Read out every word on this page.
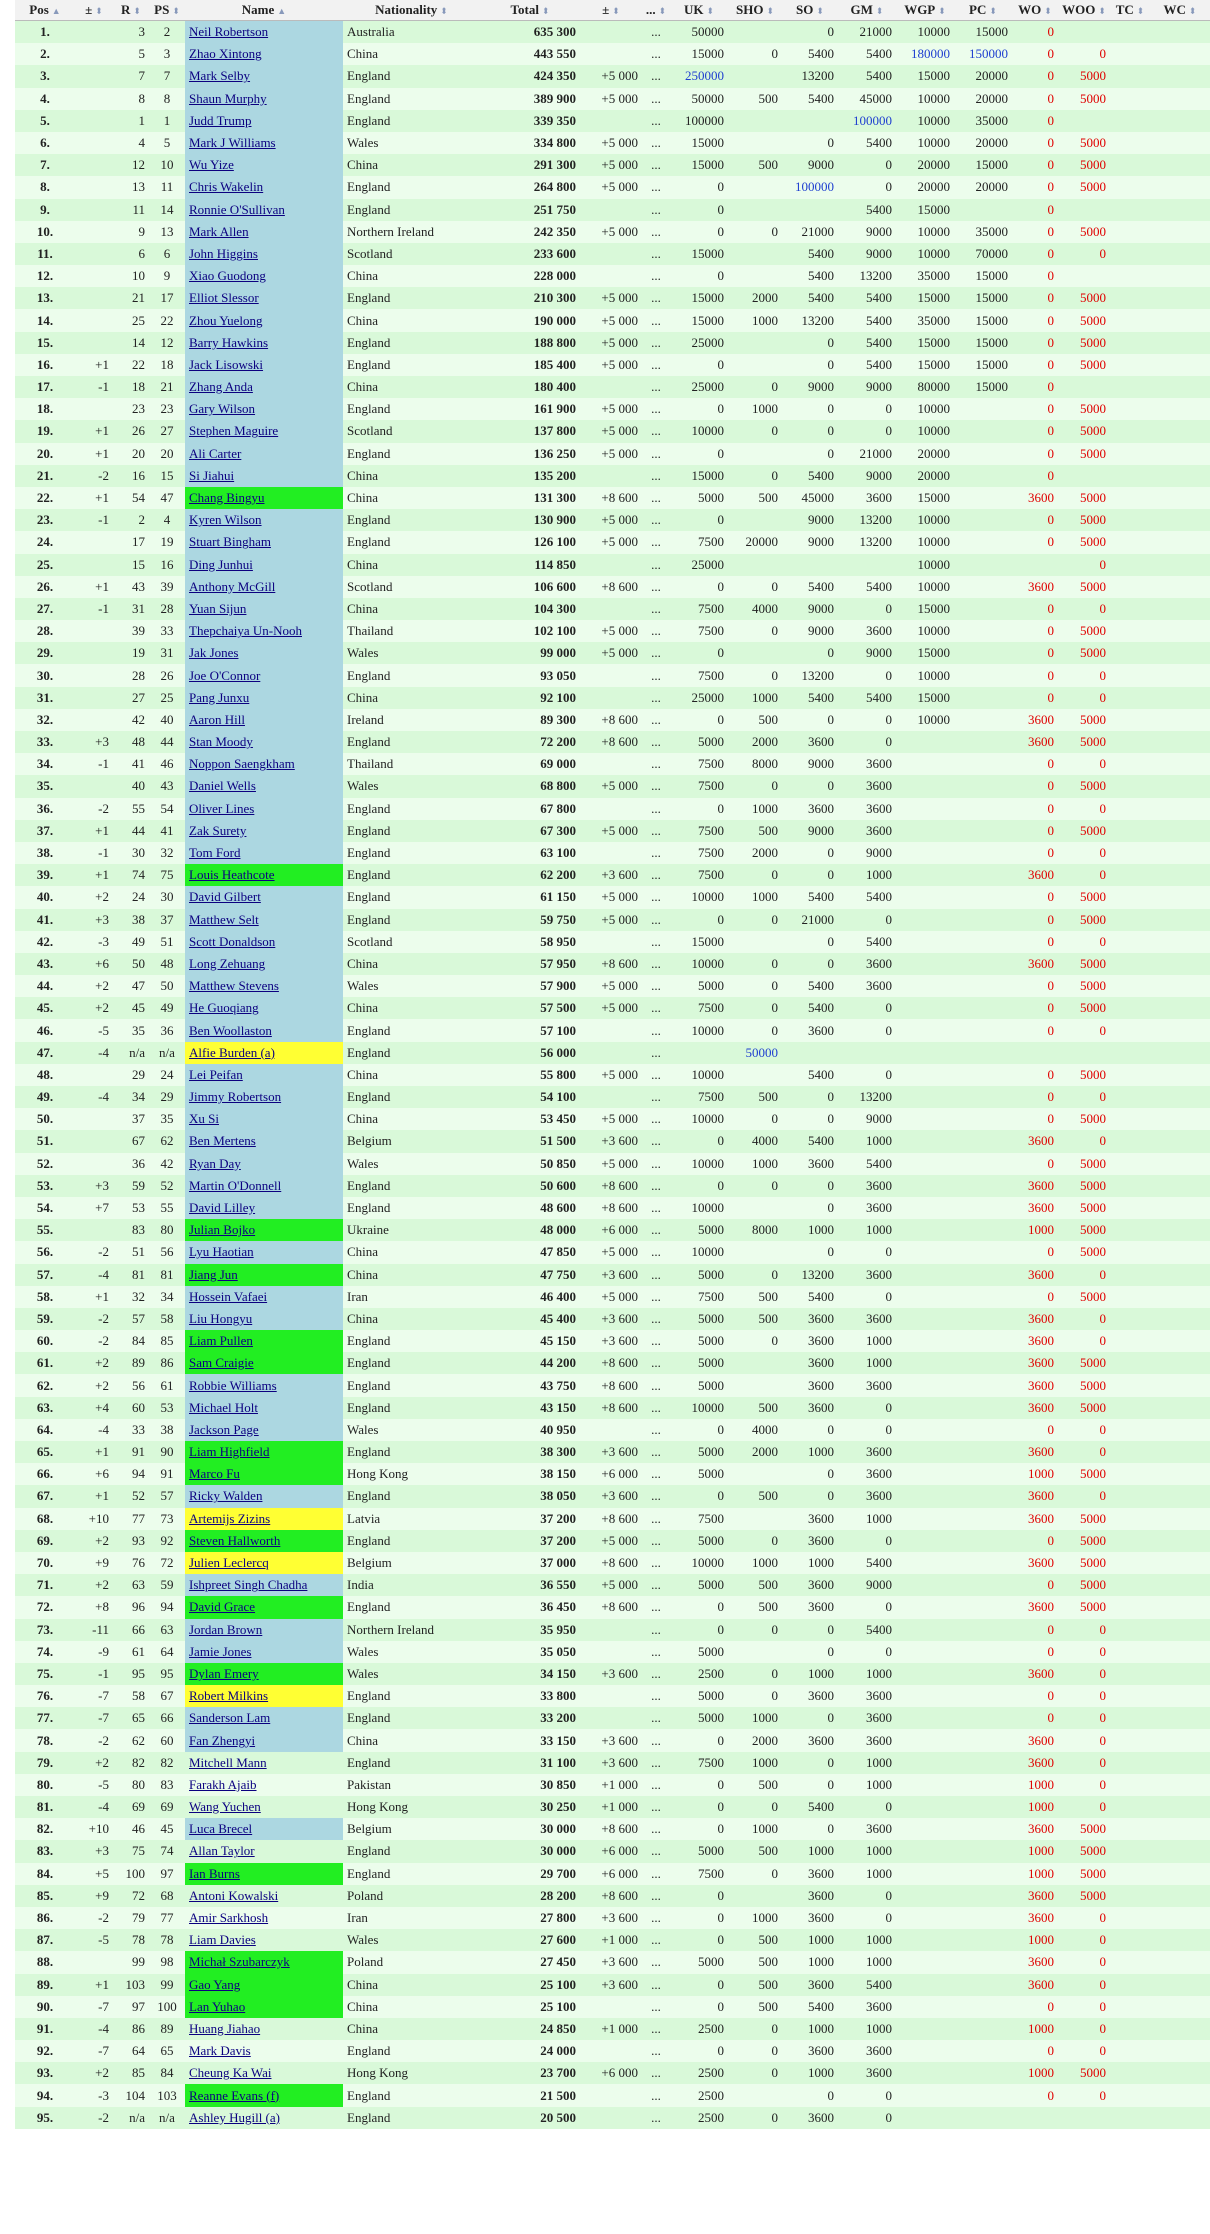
Pos ▲	± ⬍	R ⬍	PS ⬍	Name ▲	Nationality ⬍	Total ⬍	± ⬍	... ⬍	UK ⬍	SHO ⬍	SO ⬍	GM ⬍	WGP ⬍	PC ⬍	WO ⬍	WOO ⬍	TC ⬍	WC ⬍
1.		3	2	Neil Robertson	Australia	635 300		...	50000		0	21000	10000	15000	0			
2.		5	3	Zhao Xintong	China	443 550		...	15000	0	5400	5400	180000	150000	0	0		
3.		7	7	Mark Selby	England	424 350	+5 000	...	250000		13200	5400	15000	20000	0	5000		
4.		8	8	Shaun Murphy	England	389 900	+5 000	...	50000	500	5400	45000	10000	20000	0	5000		
5.		1	1	Judd Trump	England	339 350		...	100000			100000	10000	35000	0			
6.		4	5	Mark J Williams	Wales	334 800	+5 000	...	15000		0	5400	10000	20000	0	5000		
7.		12	10	Wu Yize	China	291 300	+5 000	...	15000	500	9000	0	20000	15000	0	5000		
8.		13	11	Chris Wakelin	England	264 800	+5 000	...	0		100000	0	20000	20000	0	5000		
9.		11	14	Ronnie O'Sullivan	England	251 750		...	0			5400	15000		0			
10.		9	13	Mark Allen	Northern Ireland	242 350	+5 000	...	0	0	21000	9000	10000	35000	0	5000		
11.		6	6	John Higgins	Scotland	233 600		...	15000		5400	9000	10000	70000	0	0		
12.		10	9	Xiao Guodong	China	228 000		...	0		5400	13200	35000	15000	0			
13.		21	17	Elliot Slessor	England	210 300	+5 000	...	15000	2000	5400	5400	15000	15000	0	5000		
14.		25	22	Zhou Yuelong	China	190 000	+5 000	...	15000	1000	13200	5400	35000	15000	0	5000		
15.		14	12	Barry Hawkins	England	188 800	+5 000	...	25000		0	5400	15000	15000	0	5000		
16.	+1	22	18	Jack Lisowski	England	185 400	+5 000	...	0		0	5400	15000	15000	0	5000		
17.	-1	18	21	Zhang Anda	China	180 400		...	25000	0	9000	9000	80000	15000	0			
18.		23	23	Gary Wilson	England	161 900	+5 000	...	0	1000	0	0	10000		0	5000		
19.	+1	26	27	Stephen Maguire	Scotland	137 800	+5 000	...	10000	0	0	0	10000		0	5000		
20.	+1	20	20	Ali Carter	England	136 250	+5 000	...	0		0	21000	20000		0	5000		
21.	-2	16	15	Si Jiahui	China	135 200		...	15000	0	5400	9000	20000		0			
22.	+1	54	47	Chang Bingyu	China	131 300	+8 600	...	5000	500	45000	3600	15000		3600	5000		
23.	-1	2	4	Kyren Wilson	England	130 900	+5 000	...	0		9000	13200	10000		0	5000		
24.		17	19	Stuart Bingham	England	126 100	+5 000	...	7500	20000	9000	13200	10000		0	5000		
25.		15	16	Ding Junhui	China	114 850		...	25000				10000			0		
26.	+1	43	39	Anthony McGill	Scotland	106 600	+8 600	...	0	0	5400	5400	10000		3600	5000		
27.	-1	31	28	Yuan Sijun	China	104 300		...	7500	4000	9000	0	15000		0	0		
28.		39	33	Thepchaiya Un-Nooh	Thailand	102 100	+5 000	...	7500	0	9000	3600	10000		0	5000		
29.		19	31	Jak Jones	Wales	99 000	+5 000	...	0		0	9000	15000		0	5000		
30.		28	26	Joe O'Connor	England	93 050		...	7500	0	13200	0	10000		0	0		
31.		27	25	Pang Junxu	China	92 100		...	25000	1000	5400	5400	15000		0	0		
32.		42	40	Aaron Hill	Ireland	89 300	+8 600	...	0	500	0	0	10000		3600	5000		
33.	+3	48	44	Stan Moody	England	72 200	+8 600	...	5000	2000	3600	0			3600	5000		
34.	-1	41	46	Noppon Saengkham	Thailand	69 000		...	7500	8000	9000	3600			0	0		
35.		40	43	Daniel Wells	Wales	68 800	+5 000	...	7500	0	0	3600			0	5000		
36.	-2	55	54	Oliver Lines	England	67 800		...	0	1000	3600	3600			0	0		
37.	+1	44	41	Zak Surety	England	67 300	+5 000	...	7500	500	9000	3600			0	5000		
38.	-1	30	32	Tom Ford	England	63 100		...	7500	2000	0	9000			0	0		
39.	+1	74	75	Louis Heathcote	England	62 200	+3 600	...	7500	0	0	1000			3600	0		
40.	+2	24	30	David Gilbert	England	61 150	+5 000	...	10000	1000	5400	5400			0	5000		
41.	+3	38	37	Matthew Selt	England	59 750	+5 000	...	0	0	21000	0			0	5000		
42.	-3	49	51	Scott Donaldson	Scotland	58 950		...	15000		0	5400			0	0		
43.	+6	50	48	Long Zehuang	China	57 950	+8 600	...	10000	0	0	3600			3600	5000		
44.	+2	47	50	Matthew Stevens	Wales	57 900	+5 000	...	5000	0	5400	3600			0	5000		
45.	+2	45	49	He Guoqiang	China	57 500	+5 000	...	7500	0	5400	0			0	5000		
46.	-5	35	36	Ben Woollaston	England	57 100		...	10000	0	3600	0			0	0		
47.	-4	n/a	n/a	Alfie Burden (a)	England	56 000		...		50000								
48.		29	24	Lei Peifan	China	55 800	+5 000	...	10000		5400	0			0	5000		
49.	-4	34	29	Jimmy Robertson	England	54 100		...	7500	500	0	13200			0	0		
50.		37	35	Xu Si	China	53 450	+5 000	...	10000	0	0	9000			0	5000		
51.		67	62	Ben Mertens	Belgium	51 500	+3 600	...	0	4000	5400	1000			3600	0		
52.		36	42	Ryan Day	Wales	50 850	+5 000	...	10000	1000	3600	5400			0	5000		
53.	+3	59	52	Martin O'Donnell	England	50 600	+8 600	...	0	0	0	3600			3600	5000		
54.	+7	53	55	David Lilley	England	48 600	+8 600	...	10000		0	3600			3600	5000		
55.		83	80	Julian Bojko	Ukraine	48 000	+6 000	...	5000	8000	1000	1000			1000	5000		
56.	-2	51	56	Lyu Haotian	China	47 850	+5 000	...	10000		0	0			0	5000		
57.	-4	81	81	Jiang Jun	China	47 750	+3 600	...	5000	0	13200	3600			3600	0		
58.	+1	32	34	Hossein Vafaei	Iran	46 400	+5 000	...	7500	500	5400	0			0	5000		
59.	-2	57	58	Liu Hongyu	China	45 400	+3 600	...	5000	500	3600	3600			3600	0		
60.	-2	84	85	Liam Pullen	England	45 150	+3 600	...	5000	0	3600	1000			3600	0		
61.	+2	89	86	Sam Craigie	England	44 200	+8 600	...	5000		3600	1000			3600	5000		
62.	+2	56	61	Robbie Williams	England	43 750	+8 600	...	5000		3600	3600			3600	5000		
63.	+4	60	53	Michael Holt	England	43 150	+8 600	...	10000	500	3600	0			3600	5000		
64.	-4	33	38	Jackson Page	Wales	40 950		...	0	4000	0	0			0	0		
65.	+1	91	90	Liam Highfield	England	38 300	+3 600	...	5000	2000	1000	3600			3600	0		
66.	+6	94	91	Marco Fu	Hong Kong	38 150	+6 000	...	5000		0	3600			1000	5000		
67.	+1	52	57	Ricky Walden	England	38 050	+3 600	...	0	500	0	3600			3600	0		
68.	+10	77	73	Artemijs Zizins	Latvia	37 200	+8 600	...	7500		3600	1000			3600	5000		
69.	+2	93	92	Steven Hallworth	England	37 200	+5 000	...	5000	0	3600	0			0	5000		
70.	+9	76	72	Julien Leclercq	Belgium	37 000	+8 600	...	10000	1000	1000	5400			3600	5000		
71.	+2	63	59	Ishpreet Singh Chadha	India	36 550	+5 000	...	5000	500	3600	9000			0	5000		
72.	+8	96	94	David Grace	England	36 450	+8 600	...	0	500	3600	0			3600	5000		
73.	-11	66	63	Jordan Brown	Northern Ireland	35 950		...	0	0	0	5400			0	0		
74.	-9	61	64	Jamie Jones	Wales	35 050		...	5000		0	0			0	0		
75.	-1	95	95	Dylan Emery	Wales	34 150	+3 600	...	2500	0	1000	1000			3600	0		
76.	-7	58	67	Robert Milkins	England	33 800		...	5000	0	3600	3600			0	0		
77.	-7	65	66	Sanderson Lam	England	33 200		...	5000	1000	0	3600			0	0		
78.	-2	62	60	Fan Zhengyi	China	33 150	+3 600	...	0	2000	3600	3600			3600	0		
79.	+2	82	82	Mitchell Mann	England	31 100	+3 600	...	7500	1000	0	1000			3600	0		
80.	-5	80	83	Farakh Ajaib	Pakistan	30 850	+1 000	...	0	500	0	1000			1000	0		
81.	-4	69	69	Wang Yuchen	Hong Kong	30 250	+1 000	...	0	0	5400	0			1000	0		
82.	+10	46	45	Luca Brecel	Belgium	30 000	+8 600	...	0	1000	0	3600			3600	5000		
83.	+3	75	74	Allan Taylor	England	30 000	+6 000	...	5000	500	1000	1000			1000	5000		
84.	+5	100	97	Ian Burns	England	29 700	+6 000	...	7500	0	3600	1000			1000	5000		
85.	+9	72	68	Antoni Kowalski	Poland	28 200	+8 600	...	0		3600	0			3600	5000		
86.	-2	79	77	Amir Sarkhosh	Iran	27 800	+3 600	...	0	1000	3600	0			3600	0		
87.	-5	78	78	Liam Davies	Wales	27 600	+1 000	...	0	500	1000	1000			1000	0		
88.		99	98	Michał Szubarczyk	Poland	27 450	+3 600	...	5000	500	1000	1000			3600	0		
89.	+1	103	99	Gao Yang	China	25 100	+3 600	...	0	500	3600	5400			3600	0		
90.	-7	97	100	Lan Yuhao	China	25 100		...	0	500	5400	3600			0	0		
91.	-4	86	89	Huang Jiahao	China	24 850	+1 000	...	2500	0	1000	1000			1000	0		
92.	-7	64	65	Mark Davis	England	24 000		...	0	0	3600	3600			0	0		
93.	+2	85	84	Cheung Ka Wai	Hong Kong	23 700	+6 000	...	2500	0	1000	3600			1000	5000		
94.	-3	104	103	Reanne Evans (f)	England	21 500		...	2500		0	0			0	0		
95.	-2	n/a	n/a	Ashley Hugill (a)	England	20 500		...	2500	0	3600	0						
